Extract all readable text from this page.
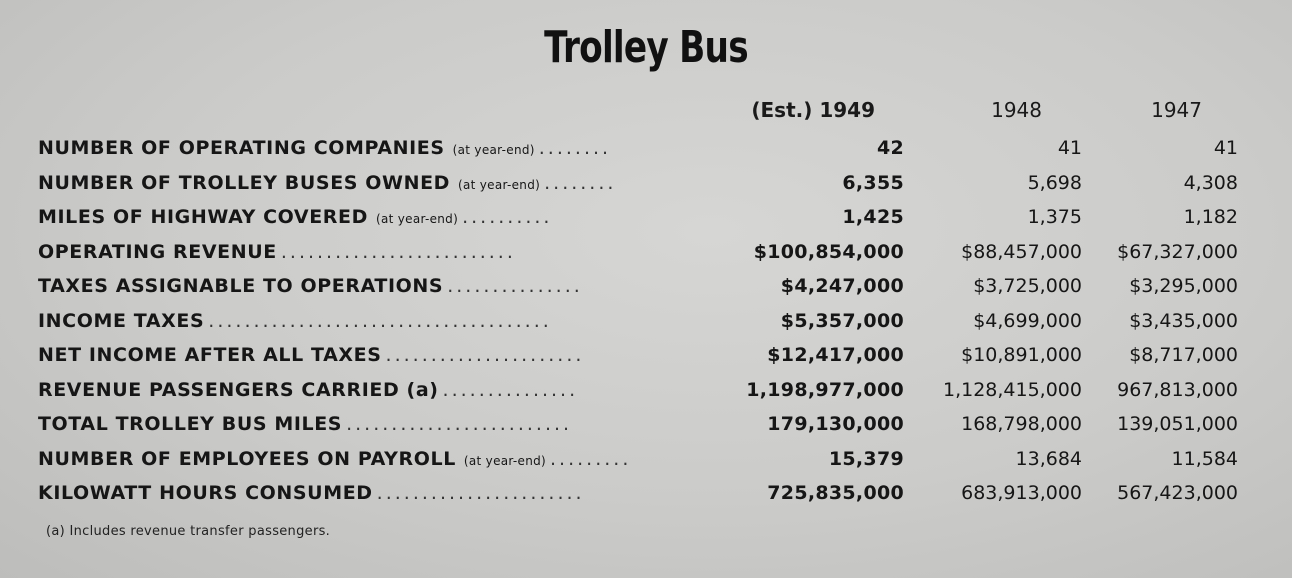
Trolley Bus
(Est.) 1949	1948	1947
NUMBER OF OPERATING COMPANIES (at year-end) ........	42	41	41
NUMBER OF TROLLEY BUSES OWNED (at year-end) ........	6,355	5,698	4,308
MILES OF HIGHWAY COVERED (at year-end) ..........	1,425	1,375	1,182
OPERATING REVENUE ..........................	$100,854,000	$88,457,000	$67,327,000
TAXES ASSIGNABLE TO OPERATIONS ...............	$4,247,000	$3,725,000	$3,295,000
INCOME TAXES ......................................	$5,357,000	$4,699,000	$3,435,000
NET INCOME AFTER ALL TAXES ......................	$12,417,000	$10,891,000	$8,717,000
REVENUE PASSENGERS CARRIED (a) ...............	1,198,977,000	1,128,415,000	967,813,000
TOTAL TROLLEY BUS MILES .........................	179,130,000	168,798,000	139,051,000
NUMBER OF EMPLOYEES ON PAYROLL (at year-end) .........	15,379	13,684	11,584
KILOWATT HOURS CONSUMED .......................	725,835,000	683,913,000	567,423,000
(a) Includes revenue transfer passengers.
